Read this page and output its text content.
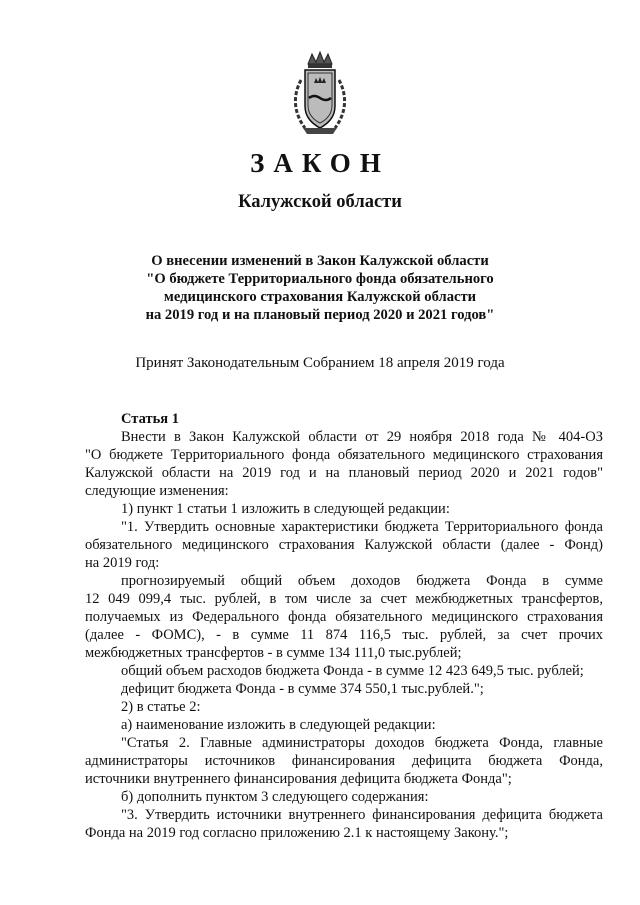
ЗАКОН
Калужской области
О внесении изменений в Закон Калужской области
"О бюджете Территориального фонда обязательного
медицинского страхования Калужской области
на 2019 год и на плановый период 2020 и 2021 годов"
Принят Законодательным Собранием 18 апреля 2019 года
Статья 1
Внести в Закон Калужской области от 29 ноября 2018 года № 404-ОЗ
"О бюджете Территориального фонда обязательного медицинского страхования
Калужской области на 2019 год и на плановый период 2020 и 2021 годов"
следующие изменения:
1) пункт 1 статьи 1 изложить в следующей редакции:
"1. Утвердить основные характеристики бюджета Территориального фонда
обязательного медицинского страхования Калужской области (далее - Фонд)
на 2019 год:
прогнозируемый общий объем доходов бюджета Фонда в сумме
12 049 099,4 тыс. рублей, в том числе за счет межбюджетных трансфертов,
получаемых из Федерального фонда обязательного медицинского страхования
(далее - ФОМС), - в сумме 11 874 116,5 тыс. рублей, за счет прочих
межбюджетных трансфертов - в сумме 134 111,0 тыс.рублей;
общий объем расходов бюджета Фонда - в сумме 12 423 649,5 тыс. рублей;
дефицит бюджета Фонда - в сумме 374 550,1 тыс.рублей.";
2) в статье 2:
а) наименование изложить в следующей редакции:
"Статья 2. Главные администраторы доходов бюджета Фонда, главные
администраторы источников финансирования дефицита бюджета Фонда,
источники внутреннего финансирования дефицита бюджета Фонда";
б) дополнить пунктом 3 следующего содержания:
"3. Утвердить источники внутреннего финансирования дефицита бюджета
Фонда на 2019 год согласно приложению 2.1 к настоящему Закону.";
